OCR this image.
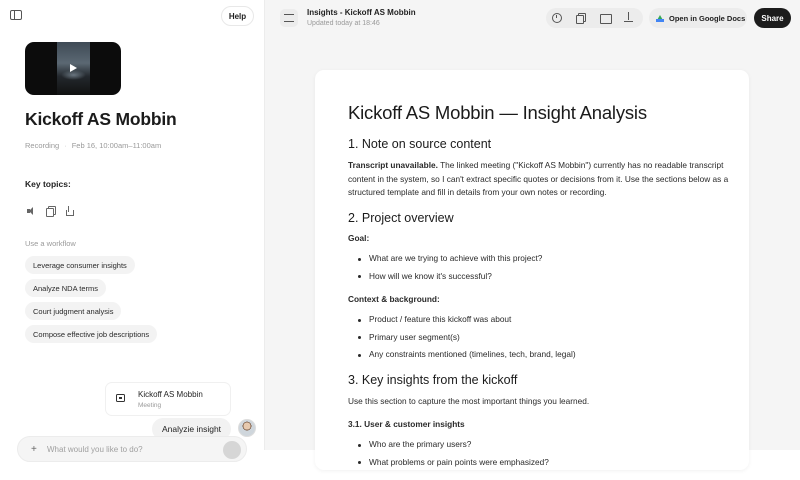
Help
Kickoff AS Mobbin
Recording · Feb 16, 10:00am–11:00am
Key topics:
Use a workflow
Leverage consumer insights
Analyze NDA terms
Court judgment analysis
Compose effective job descriptions
Kickoff AS Mobbin
Meeting
Analyzie insight
+ What would you like to do?
Insights - Kickoff AS Mobbin
Updated today at 18:46
Open in Google Docs	Share
Kickoff AS Mobbin — Insight Analysis
1. Note on source content
Transcript unavailable. The linked meeting ("Kickoff AS Mobbin") currently has no readable transcript content in the system, so I can't extract specific quotes or decisions from it. Use the sections below as a structured template and fill in details from your own notes or recording.
2. Project overview
Goal:
What are we trying to achieve with this project?
How will we know it's successful?
Context & background:
Product / feature this kickoff was about
Primary user segment(s)
Any constraints mentioned (timelines, tech, brand, legal)
3. Key insights from the kickoff
Use this section to capture the most important things you learned.
3.1. User & customer insights
Who are the primary users?
What problems or pain points were emphasized?
